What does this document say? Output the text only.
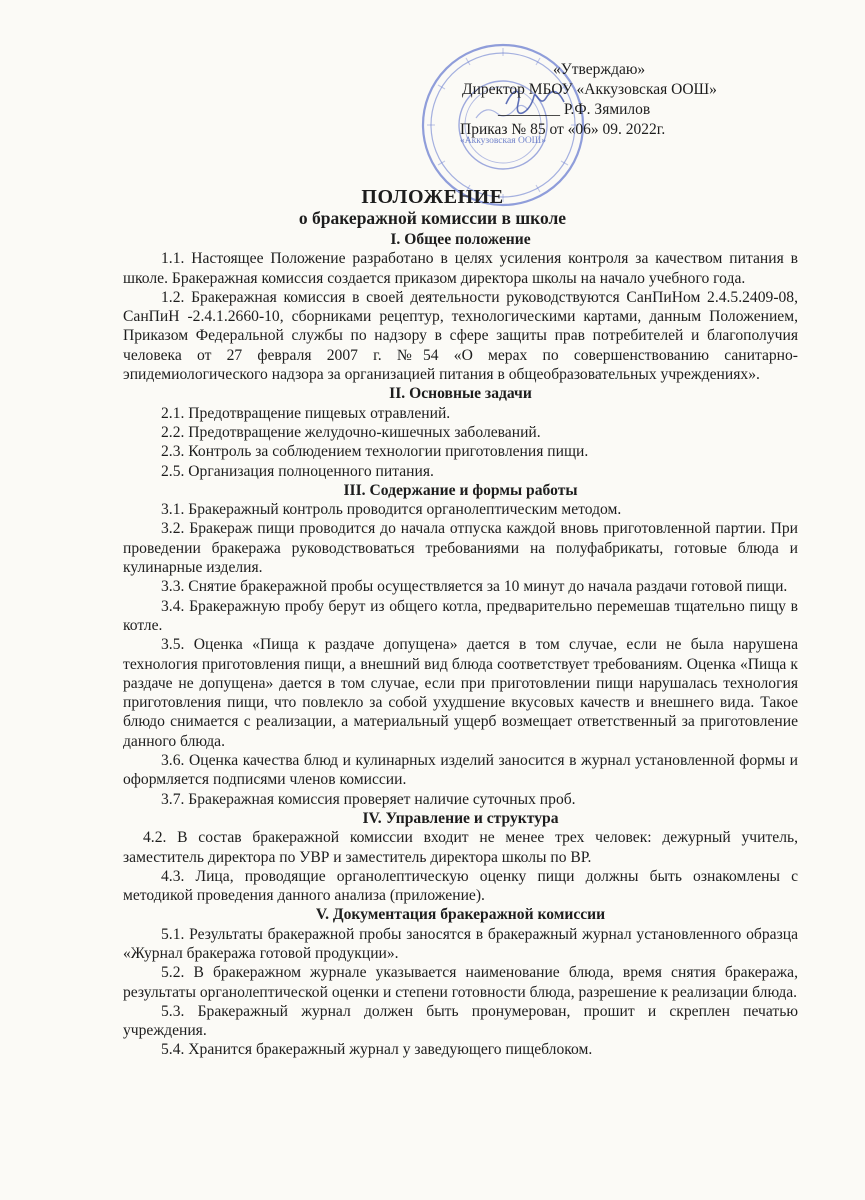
«Аккузовская ООШ»
«Утверждаю»
Директор МБОУ «Аккузовская ООШ»
________ Р.Ф. Зямилов
Приказ № 85 от «06» 09. 2022г.
ПОЛОЖЕНИЕ
о бракеражной комиссии в школе
I. Общее положение

1.1. Настоящее Положение разработано в целях усиления контроля за качеством питания в школе. Бракеражная комиссия создается приказом директора школы на начало учебного года.

1.2. Бракеражная комиссия в своей деятельности руководствуются СанПиНом 2.4.5.2409-08, СанПиН -2.4.1.2660-10, сборниками рецептур, технологическими картами, данным Положением, Приказом Федеральной службы по надзору в сфере защиты прав потребителей и благополучия человека от 27 февраля 2007 г. №54 «О мерах по совершенствованию санитарно-эпидемиологического надзора за организацией питания в общеобразовательных учреждениях».

II. Основные задачи

2.1. Предотвращение пищевых отравлений.

2.2. Предотвращение желудочно-кишечных заболеваний.

2.3. Контроль за соблюдением технологии приготовления пищи.

2.5. Организация полноценного питания.

III. Содержание и формы работы

3.1. Бракеражный контроль проводится органолептическим методом.

3.2. Бракераж пищи проводится до начала отпуска каждой вновь приготовленной партии. При проведении бракеража руководствоваться требованиями на полуфабрикаты, готовые блюда и кулинарные изделия.

3.3. Снятие бракеражной пробы осуществляется за 10 минут до начала раздачи готовой пищи.

3.4. Бракеражную пробу берут из общего котла, предварительно перемешав тщательно пищу в котле.

3.5. Оценка «Пища к раздаче допущена» дается в том случае, если не была нарушена технология приготовления пищи, а внешний вид блюда соответствует требованиям. Оценка «Пища к раздаче не допущена» дается в том случае, если при приготовлении пищи нарушалась технология приготовления пищи, что повлекло за собой ухудшение вкусовых качеств и внешнего вида. Такое блюдо снимается с реализации, а материальный ущерб возмещает ответственный за приготовление данного блюда.

3.6. Оценка качества блюд и кулинарных изделий заносится в журнал установленной формы и оформляется подписями членов комиссии.

3.7. Бракеражная комиссия проверяет наличие суточных проб.

IV. Управление и структура

4.2. В состав бракеражной комиссии входит не менее трех человек: дежурный учитель, заместитель директора по УВР и заместитель директора школы по ВР.

4.3. Лица, проводящие органолептическую оценку пищи должны быть ознакомлены с методикой проведения данного анализа (приложение).

V. Документация бракеражной комиссии

5.1. Результаты бракеражной пробы заносятся в бракеражный журнал установленного образца «Журнал бракеража готовой продукции».

5.2. В бракеражном журнале указывается наименование блюда, время снятия бракеража, результаты органолептической оценки и степени готовности блюда, разрешение к реализации блюда.

5.3. Бракеражный журнал должен быть пронумерован, прошит и скреплен печатью учреждения.

5.4. Хранится бракеражный журнал у заведующего пищеблоком.
